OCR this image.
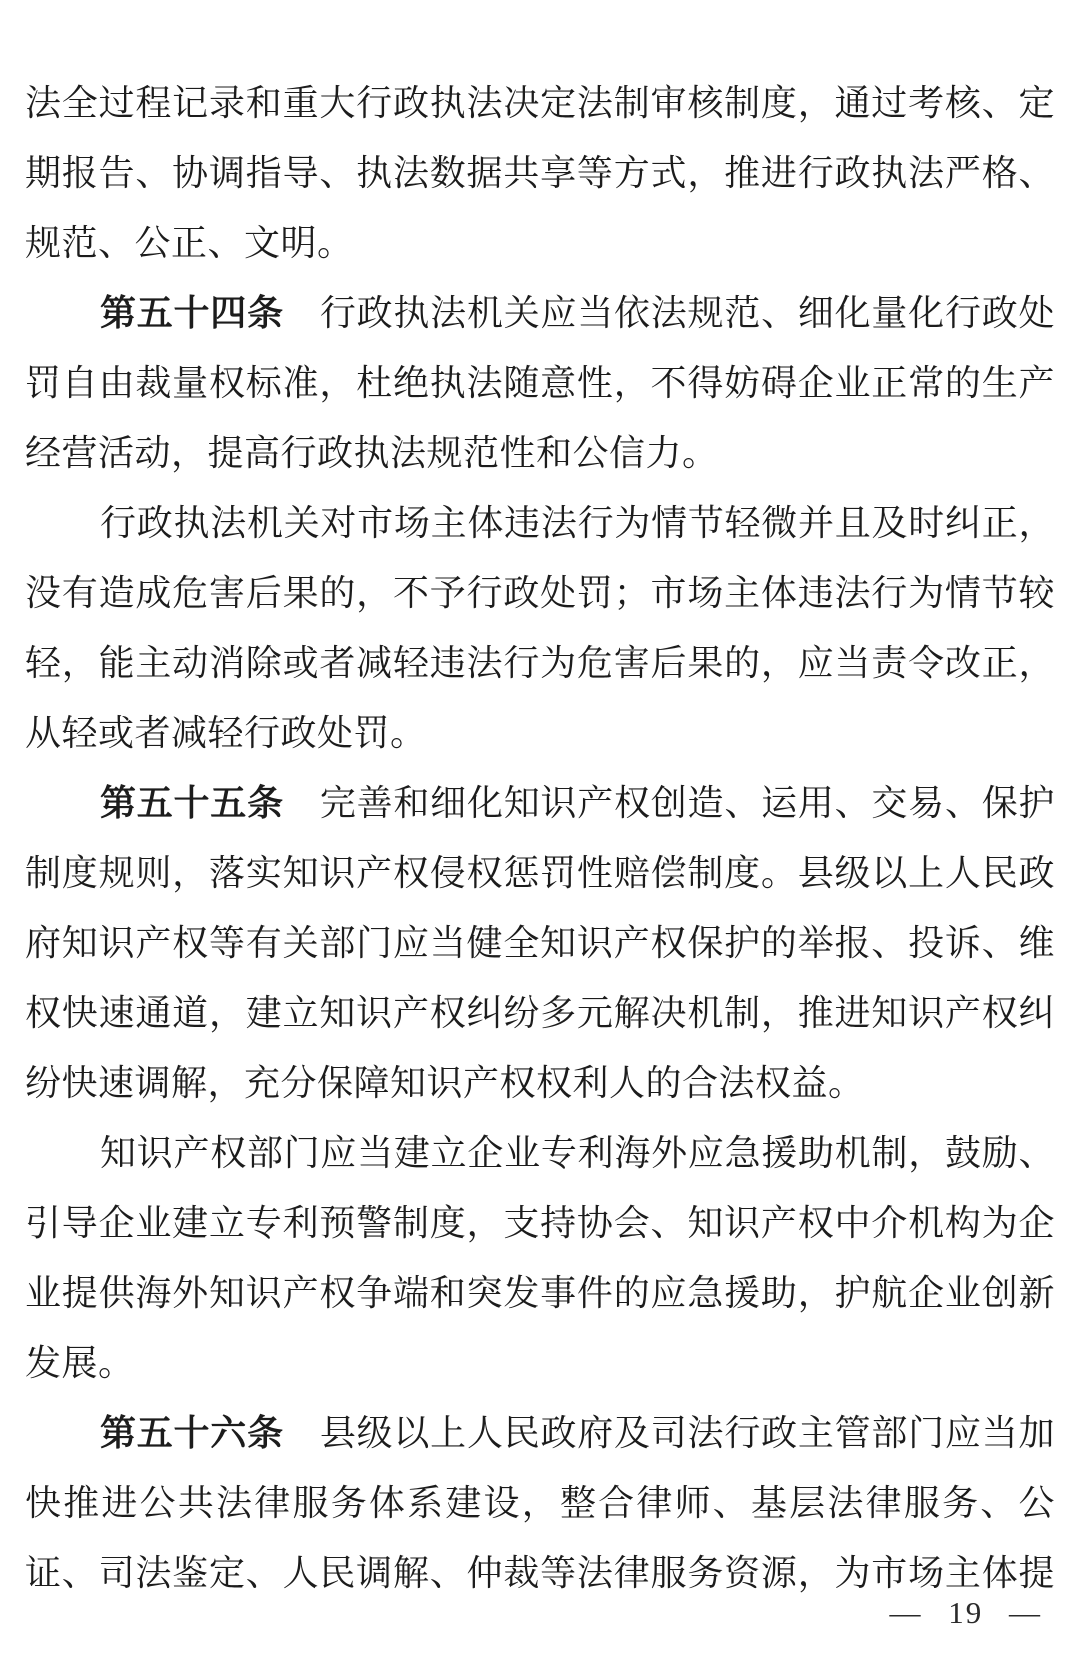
法全过程记录和重大行政执法决定法制审核制度，通过考核、定
期报告、协调指导、执法数据共享等方式，推进行政执法严格、
规范、公正、文明。
第五十四条 行政执法机关应当依法规范、细化量化行政处
罚自由裁量权标准，杜绝执法随意性，不得妨碍企业正常的生产
经营活动，提高行政执法规范性和公信力。
行政执法机关对市场主体违法行为情节轻微并且及时纠正，
没有造成危害后果的，不予行政处罚；市场主体违法行为情节较
轻，能主动消除或者减轻违法行为危害后果的，应当责令改正，
从轻或者减轻行政处罚。
第五十五条 完善和细化知识产权创造、运用、交易、保护
制度规则，落实知识产权侵权惩罚性赔偿制度。县级以上人民政
府知识产权等有关部门应当健全知识产权保护的举报、投诉、维
权快速通道，建立知识产权纠纷多元解决机制，推进知识产权纠
纷快速调解，充分保障知识产权权利人的合法权益。
知识产权部门应当建立企业专利海外应急援助机制，鼓励、
引导企业建立专利预警制度，支持协会、知识产权中介机构为企
业提供海外知识产权争端和突发事件的应急援助，护航企业创新
发展。
第五十六条 县级以上人民政府及司法行政主管部门应当加
快推进公共法律服务体系建设，整合律师、基层法律服务、公
证、司法鉴定、人民调解、仲裁等法律服务资源，为市场主体提
— 19 —
